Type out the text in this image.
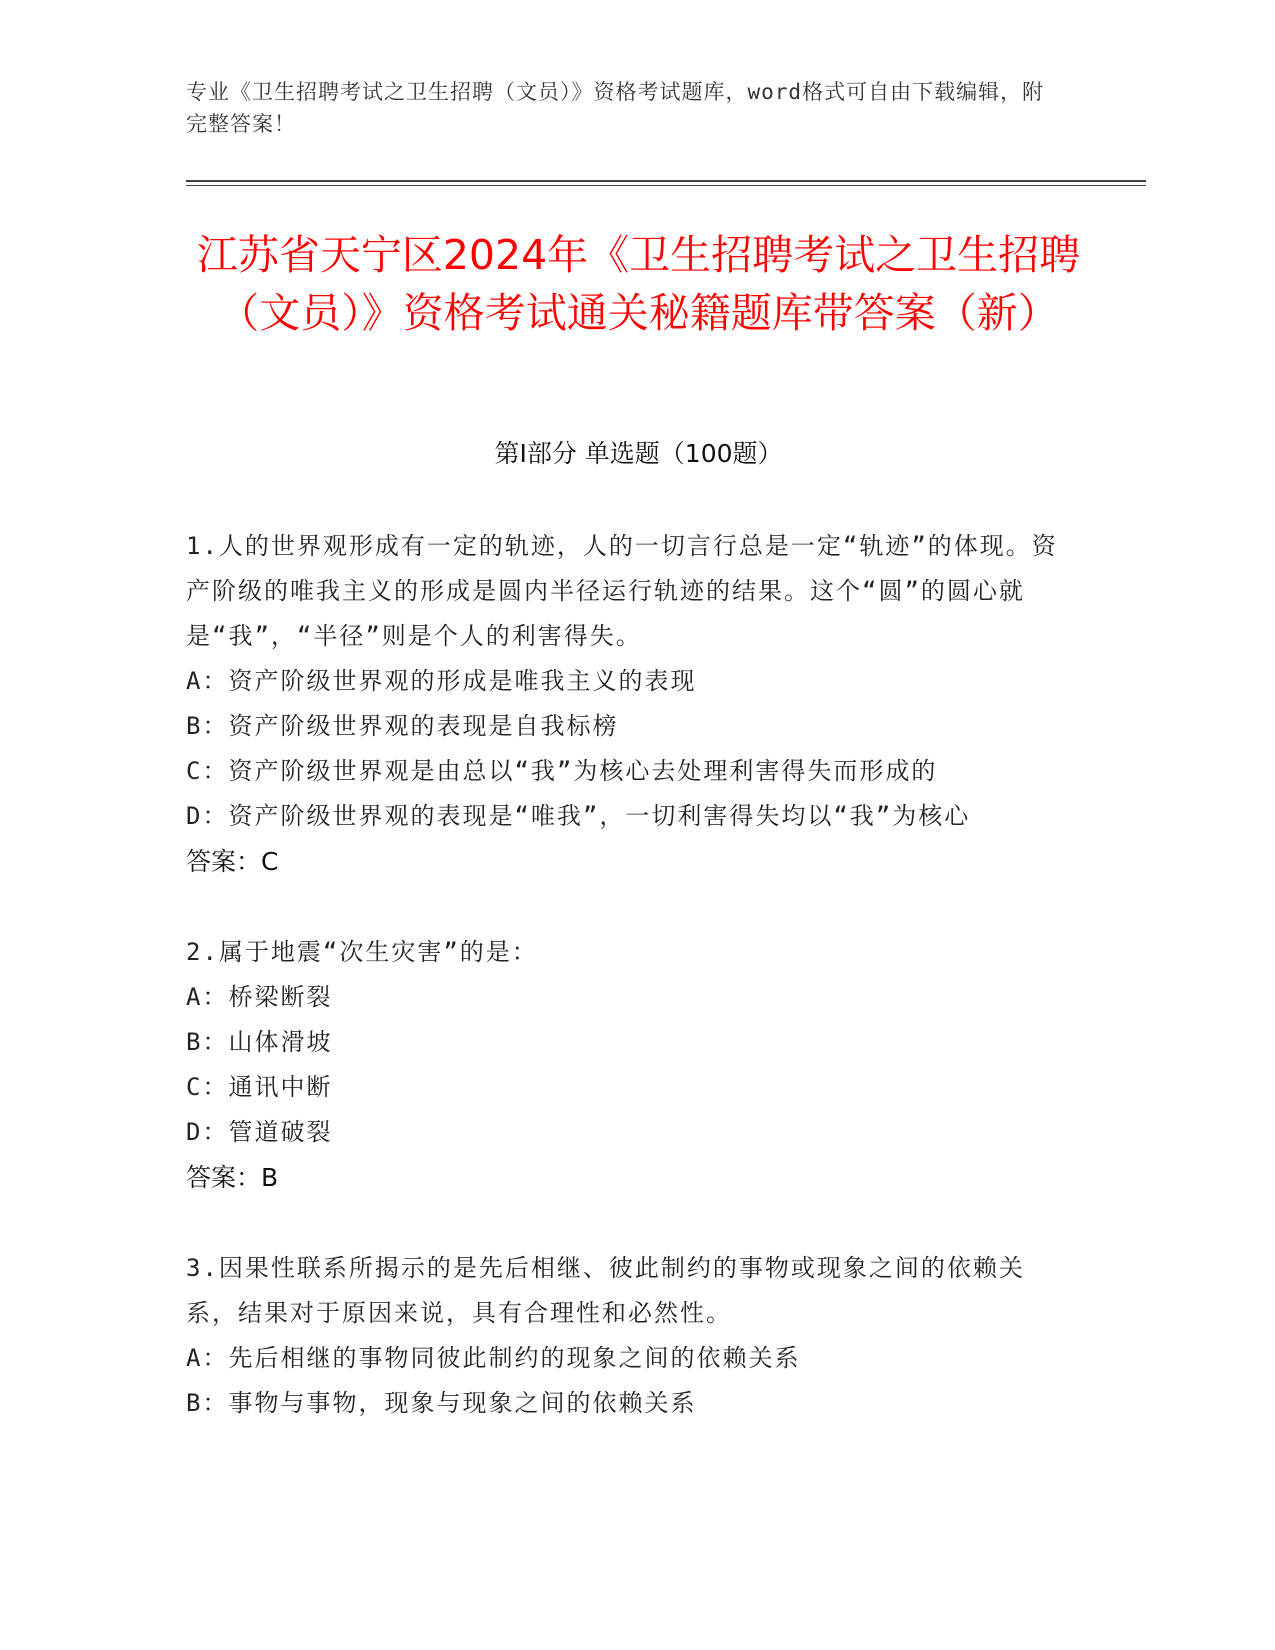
专业《卫生招聘考试之卫生招聘（文员）》资格考试题库，word格式可自由下载编辑，附完整答案！
江苏省天宁区2024年《卫生招聘考试之卫生招聘（文员）》资格考试通关秘籍题库带答案（新）
第Ⅰ部分 单选题（100题）
1.人的世界观形成有一定的轨迹，人的一切言行总是一定“轨迹”的体现。资产阶级的唯我主义的形成是圆内半径运行轨迹的结果。这个“圆”的圆心就是“我”，“半径”则是个人的利害得失。
A：资产阶级世界观的形成是唯我主义的表现
B：资产阶级世界观的表现是自我标榜
C：资产阶级世界观是由总以“我”为核心去处理利害得失而形成的
D：资产阶级世界观的表现是“唯我”，一切利害得失均以“我”为核心
答案：C
2.属于地震“次生灾害”的是：
A：桥梁断裂
B：山体滑坡
C：通讯中断
D：管道破裂
答案：B
3.因果性联系所揭示的是先后相继、彼此制约的事物或现象之间的依赖关系，结果对于原因来说，具有合理性和必然性。
A：先后相继的事物同彼此制约的现象之间的依赖关系
B：事物与事物，现象与现象之间的依赖关系
